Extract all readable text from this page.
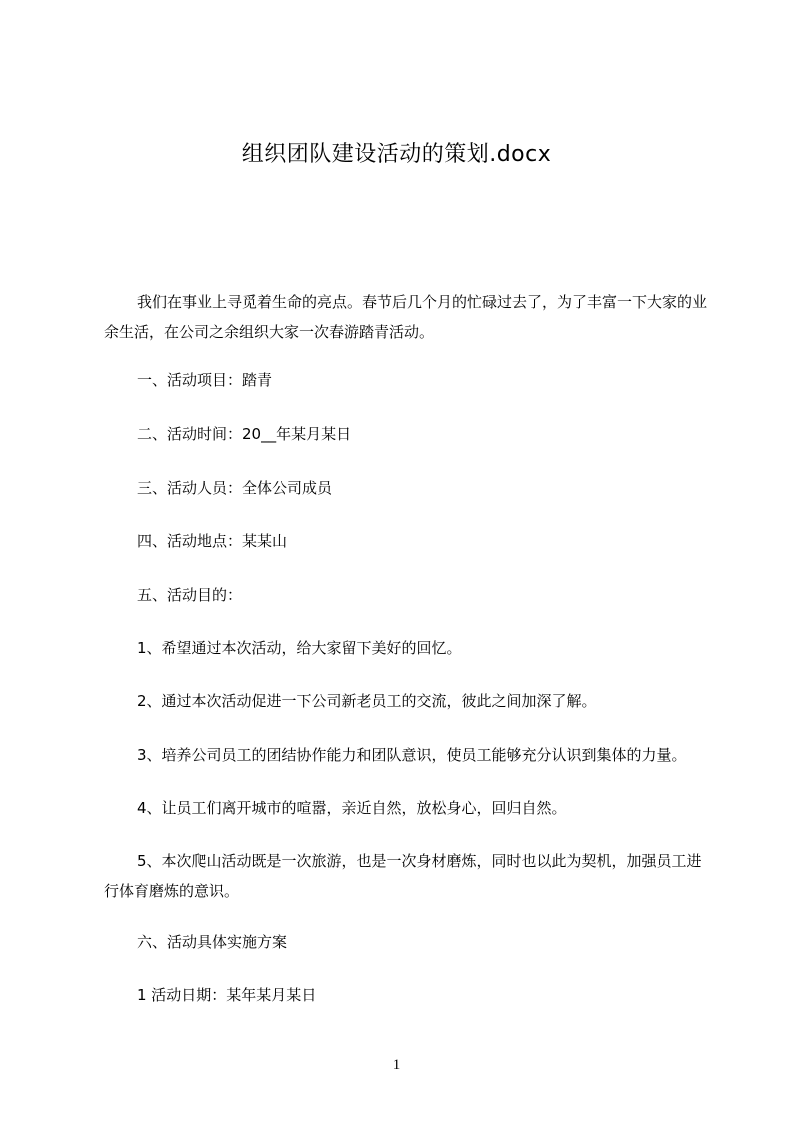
组织团队建设活动的策划.docx

我们在事业上寻觅着生命的亮点。春节后几个月的忙碌过去了，为了丰富一下大家的业余生活，在公司之余组织大家一次春游踏青活动。

一、活动项目：踏青
二、活动时间：20__年某月某日
三、活动人员：全体公司成员
四、活动地点：某某山
五、活动目的：
1、希望通过本次活动，给大家留下美好的回忆。
2、通过本次活动促进一下公司新老员工的交流，彼此之间加深了解。
3、培养公司员工的团结协作能力和团队意识，使员工能够充分认识到集体的力量。
4、让员工们离开城市的喧嚣，亲近自然，放松身心，回归自然。

5、本次爬山活动既是一次旅游，也是一次身材磨炼，同时也以此为契机，加强员工进行体育磨炼的意识。

六、活动具体实施方案
1 活动日期：某年某月某日
1
